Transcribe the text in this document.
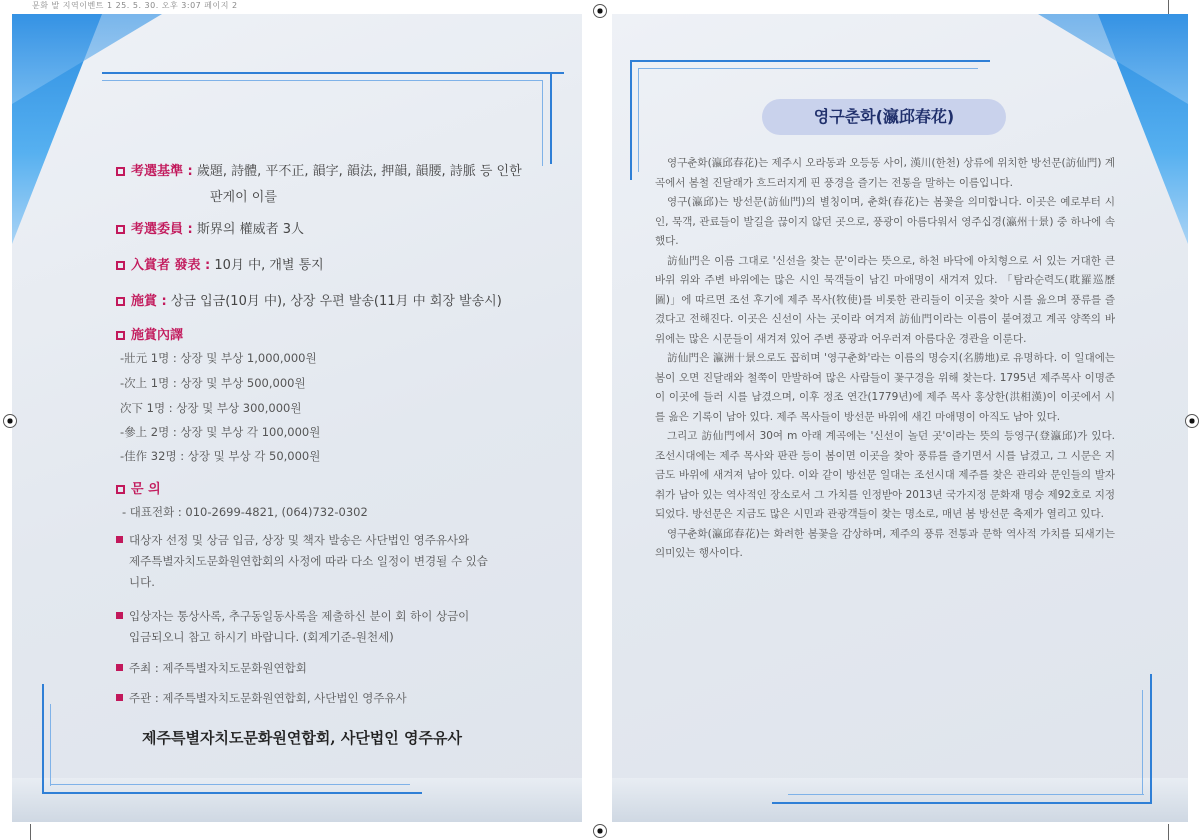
문화 발 지역이벤트 1 25. 5. 30. 오후 3:07 페이지 2
考選基準 : 歲題, 詩體, 平不正, 韻字, 韻法, 押韻, 韻腰, 詩脈 등 인한
판게이 이를
考選委員 : 斯界의 權威者 3人
入賞者 發表 : 10月 中, 개별 통지
施賞 : 상금 입금(10月 中), 상장 우편 발송(11月 中 회장 발송시)
施賞內譯
-壯元 1명 : 상장 및 부상 1,000,000원
-次上 1명 : 상장 및 부상 500,000원
次下 1명 : 상장 및 부상 300,000원
-參上 2명 : 상장 및 부상 각 100,000원
-佳作 32명 : 상장 및 부상 각 50,000원
문 의
- 대표전화 : 010-2699-4821, (064)732-0302
대상자 선정 및 상금 입금, 상장 및 책자 발송은 사단법인 영주유사와
제주특별자치도문화원연합회의 사정에 따라 다소 일정이 변경될 수 있습
니다.
입상자는 통상사록, 추구동일동사록을 제출하신 분이 회 하이 상금이
입금되오니 참고 하시기 바랍니다. (회계기준-원천세)
주최 : 제주특별자치도문화원연합회
주관 : 제주특별자치도문화원연합회, 사단법인 영주유사
제주특별자치도문화원연합회, 사단법인 영주유사
영구춘화(瀛邱春花)

영구춘화(瀛邱春花)는 제주시 오라동과 오등동 사이, 漢川(한천) 상류에 위치한 방선문(訪仙門) 계곡에서 봄철 진달래가 흐드러지게 핀 풍경을 즐기는 전통을 말하는 이름입니다.

영구(瀛邱)는 방선문(訪仙門)의 별칭이며, 춘화(春花)는 봄꽃을 의미합니다. 이곳은 예로부터 시인, 묵객, 관료들이 발길을 끊이지 않던 곳으로, 풍광이 아름다워서 영주십경(瀛州十景) 중 하나에 속했다.

訪仙門은 이름 그대로 '신선을 찾는 문'이라는 뜻으로, 하천 바닥에 아치형으로 서 있는 거대한 큰 바위 위와 주변 바위에는 많은 시인 묵객들이 남긴 마애명이 새겨져 있다. 「탐라순력도(耽羅巡歷圖)」에 따르면 조선 후기에 제주 목사(牧使)를 비롯한 관리들이 이곳을 찾아 시를 읊으며 풍류를 즐겼다고 전해진다. 이곳은 신선이 사는 곳이라 여겨져 訪仙門이라는 이름이 붙여졌고 계곡 양쪽의 바위에는 많은 시문들이 새겨져 있어 주변 풍광과 어우러져 아름다운 경관을 이룬다.

訪仙門은 瀛洲十景으로도 꼽히며 '영구춘화'라는 이름의 명승지(名勝地)로 유명하다. 이 일대에는 봄이 오면 진달래와 철쭉이 만발하여 많은 사람들이 꽃구경을 위해 찾는다. 1795년 제주목사 이명준이 이곳에 들러 시를 남겼으며, 이후 정조 연간(1779년)에 제주 목사 홍상한(洪相漢)이 이곳에서 시를 읊은 기록이 남아 있다. 제주 목사들이 방선문 바위에 새긴 마애명이 아직도 남아 있다.

그리고 訪仙門에서 30여 m 아래 계곡에는 '신선이 놀던 곳'이라는 뜻의 등영구(登瀛邱)가 있다. 조선시대에는 제주 목사와 판관 등이 봄이면 이곳을 찾아 풍류를 즐기면서 시를 남겼고, 그 시문은 지금도 바위에 새겨져 남아 있다. 이와 같이 방선문 일대는 조선시대 제주를 찾은 관리와 문인들의 발자취가 남아 있는 역사적인 장소로서 그 가치를 인정받아 2013년 국가지정 문화재 명승 제92호로 지정되었다. 방선문은 지금도 많은 시민과 관광객들이 찾는 명소로, 매년 봄 방선문 축제가 열리고 있다.

영구춘화(瀛邱春花)는 화려한 봄꽃을 감상하며, 제주의 풍류 전통과 문학 역사적 가치를 되새기는 의미있는 행사이다.
